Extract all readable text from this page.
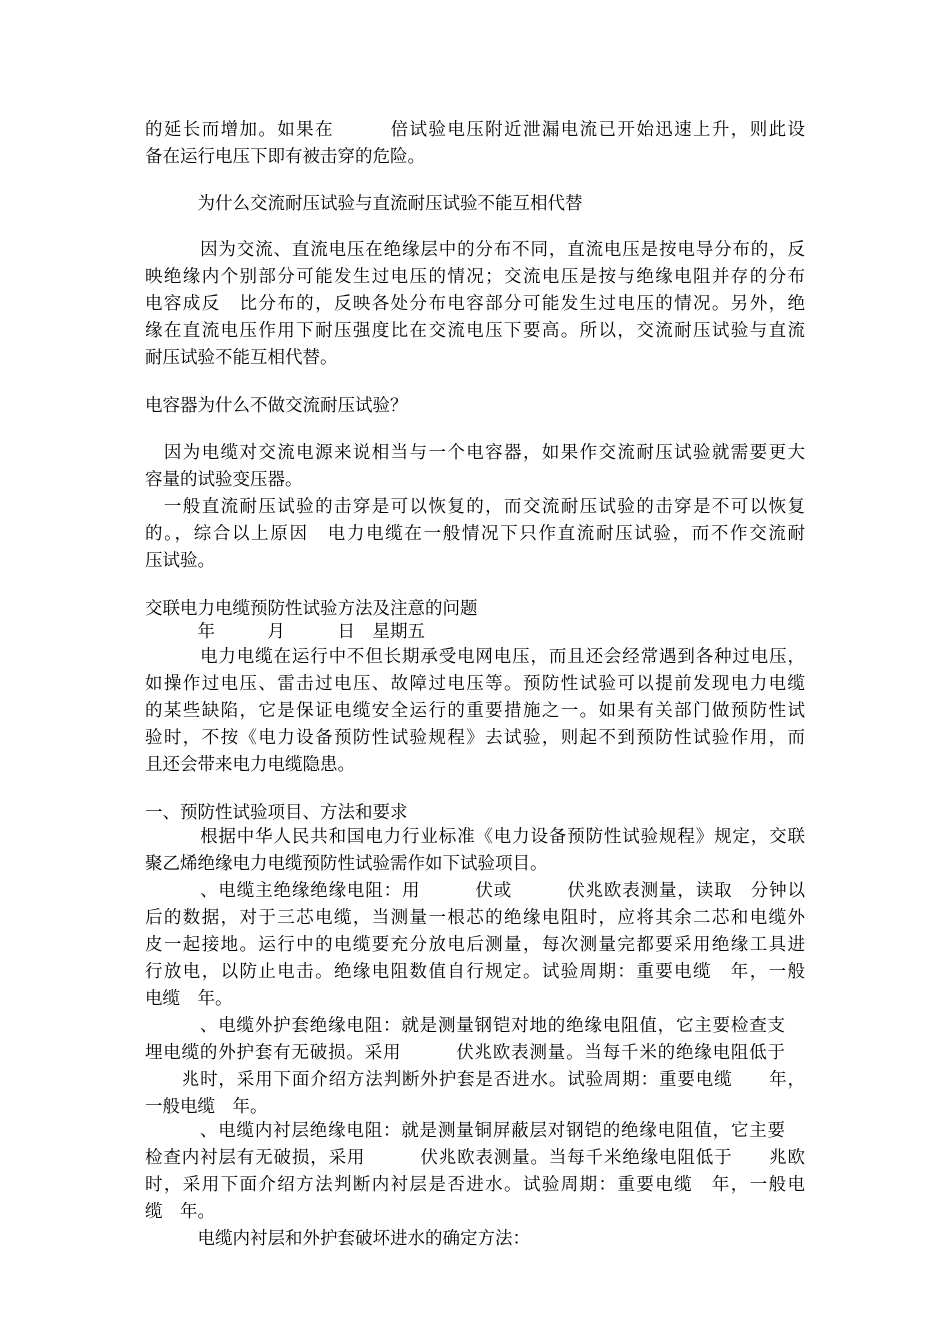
的延长而增加。如果在　　　倍试验电压附近泄漏电流已开始迅速上升，则此设
备在运行电压下即有被击穿的危险。
　　　为什么交流耐压试验与直流耐压试验不能互相代替
　　　因为交流、直流电压在绝缘层中的分布不同，直流电压是按电导分布的，反
映绝缘内个别部分可能发生过电压的情况；交流电压是按与绝缘电阻并存的分布
电容成反　比分布的，反映各处分布电容部分可能发生过电压的情况。另外，绝
缘在直流电压作用下耐压强度比在交流电压下要高。所以，交流耐压试验与直流
耐压试验不能互相代替。
电容器为什么不做交流耐压试验？
　因为电缆对交流电源来说相当与一个电容器，如果作交流耐压试验就需要更大
容量的试验变压器。
　一般直流耐压试验的击穿是可以恢复的，而交流耐压试验的击穿是不可以恢复
的。，综合以上原因　电力电缆在一般情况下只作直流耐压试验，而不作交流耐
压试验。
交联电力电缆预防性试验方法及注意的问题
　　　年　　　月　　　日　星期五
　　　电力电缆在运行中不但长期承受电网电压，而且还会经常遇到各种过电压，
如操作过电压、雷击过电压、故障过电压等。预防性试验可以提前发现电力电缆
的某些缺陷，它是保证电缆安全运行的重要措施之一。如果有关部门做预防性试
验时，不按《电力设备预防性试验规程》去试验，则起不到预防性试验作用，而
且还会带来电力电缆隐患。
一、预防性试验项目、方法和要求
　　　根据中华人民共和国电力行业标准《电力设备预防性试验规程》规定，交联
聚乙烯绝缘电力电缆预防性试验需作如下试验项目。
　　　、电缆主绝缘绝缘电阻：用　　　伏或　　　伏兆欧表测量，读取　分钟以
后的数据，对于三芯电缆，当测量一根芯的绝缘电阻时，应将其余二芯和电缆外
皮一起接地。运行中的电缆要充分放电后测量，每次测量完都要采用绝缘工具进
行放电，以防止电击。绝缘电阻数值自行规定。试验周期：重要电缆　年，一般
电缆　年。
　　　、电缆外护套绝缘电阻：就是测量钢铠对地的绝缘电阻值，它主要检查支
埋电缆的外护套有无破损。采用　　　伏兆欧表测量。当每千米的绝缘电阻低于
　　兆时，采用下面介绍方法判断外护套是否进水。试验周期：重要电缆　　年，
一般电缆　年。
　　　、电缆内衬层绝缘电阻：就是测量铜屏蔽层对钢铠的绝缘电阻值，它主要
检查内衬层有无破损，采用　　　伏兆欧表测量。当每千米绝缘电阻低于　　兆欧
时，采用下面介绍方法判断内衬层是否进水。试验周期：重要电缆　年，一般电
缆　年。
　　　电缆内衬层和外护套破坏进水的确定方法：
